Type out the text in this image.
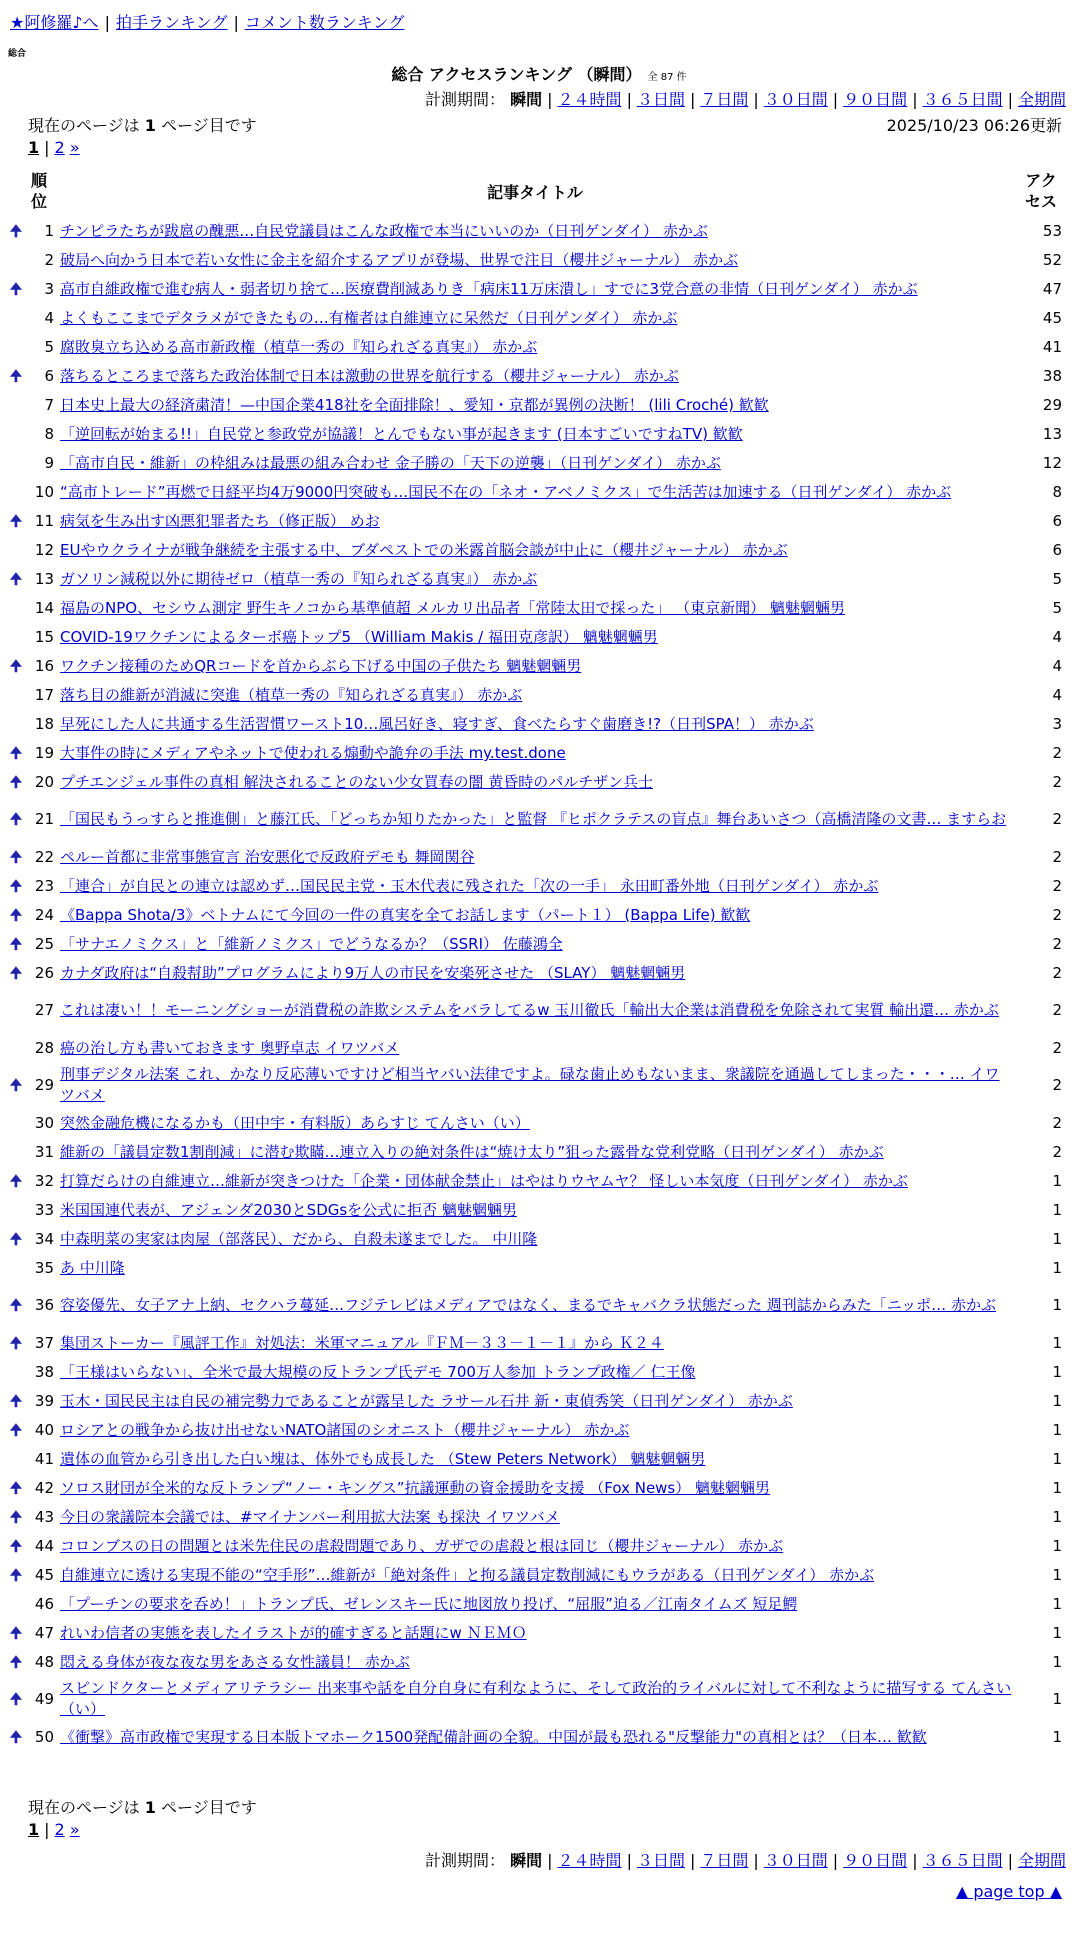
★阿修羅♪へ | 拍手ランキング | コメント数ランキング
総合
総合 アクセスランキング （瞬間） 全 87 件
計測期間： 瞬間 | ２４時間 | ３日間 | ７日間 | ３０日間 | ９０日間 | ３６５日間 | 全期間
現在のページは 1 ページ目です	2025/10/23 06:26更新
1 | 2 »
	順位	記事タイトル	アクセス
🠉	1	チンピラたちが跋扈の醜悪…自民党議員はこんな政権で本当にいいのか（日刊ゲンダイ） 赤かぶ	53
	2	破局へ向かう日本で若い女性に金主を紹介するアプリが登場、世界で注目（櫻井ジャーナル） 赤かぶ	52
🠉	3	高市自維政権で進む病人・弱者切り捨て…医療費削減ありき「病床11万床潰し」すでに3党合意の非情（日刊ゲンダイ） 赤かぶ	47
	4	よくもここまでデタラメができたもの…有権者は自維連立に呆然だ（日刊ゲンダイ） 赤かぶ	45
	5	腐敗臭立ち込める高市新政権（植草一秀の『知られざる真実』） 赤かぶ	41
🠉	6	落ちるところまで落ちた政治体制で日本は激動の世界を航行する（櫻井ジャーナル） 赤かぶ	38
	7	日本史上最大の経済粛清！—中国企業418社を全面排除！、愛知・京都が異例の決断！ (lili Croché) 歓歓	29
	8	「逆回転が始まる!!」自民党と参政党が協議！とんでもない事が起きます (日本すごいですねTV) 歓歓	13
	9	「高市自民・維新」の枠組みは最悪の組み合わせ 金子勝の「天下の逆襲」（日刊ゲンダイ） 赤かぶ	12
	10	“高市トレード”再燃で日経平均4万9000円突破も…国民不在の「ネオ・アベノミクス」で生活苦は加速する（日刊ゲンダイ） 赤かぶ	8
🠉	11	病気を生み出す凶悪犯罪者たち（修正版） めお	6
	12	EUやウクライナが戦争継続を主張する中、ブダペストでの米露首脳会談が中止に（櫻井ジャーナル） 赤かぶ	6
🠉	13	ガソリン減税以外に期待ゼロ（植草一秀の『知られざる真実』） 赤かぶ	5
	14	福島のNPO、セシウム測定 野生キノコから基準値超 メルカリ出品者「常陸太田で採った」 （東京新聞） 魑魅魍魎男	5
	15	COVID-19ワクチンによるターボ癌トップ5 （William Makis / 福田克彦訳） 魑魅魍魎男	4
🠉	16	ワクチン接種のためQRコードを首からぶら下げる中国の子供たち 魑魅魍魎男	4
	17	落ち目の維新が消滅に突進（植草一秀の『知られざる真実』） 赤かぶ	4
	18	早死にした人に共通する生活習慣ワースト10…風呂好き、寝すぎ、食べたらすぐ歯磨き!?（日刊SPA！） 赤かぶ	3
🠉	19	大事件の時にメディアやネットで使われる煽動や詭弁の手法 my.test.done	2
🠉	20	プチエンジェル事件の真相 解決されることのない少女買春の闇 黄昏時のパルチザン兵士	2
🠉	21	「国民もうっすらと推進側」と藤江氏、「どっちか知りたかった」と監督 『ヒポクラテスの盲点』舞台あいさつ（高橋清隆の文書… ますらお	2
🠉	22	ペルー首都に非常事態宣言 治安悪化で反政府デモも 舞岡関谷	2
🠉	23	「連合」が自民との連立は認めず…国民民主党・玉木代表に残された「次の一手」 永田町番外地（日刊ゲンダイ） 赤かぶ	2
🠉	24	《Bappa Shota/3》ベトナムにて今回の一件の真実を全てお話します（パート１） (Bappa Life) 歓歓	2
🠉	25	「サナエノミクス」と「維新ノミクス」でどうなるか？（SSRI） 佐藤鴻全	2
🠉	26	カナダ政府は“自殺幇助”プログラムにより9万人の市民を安楽死させた （SLAY） 魑魅魍魎男	2
	27	これは凄い！！モーニングショーが消費税の詐欺システムをバラしてるw 玉川徹氏「輸出大企業は消費税を免除されて実質 輸出還… 赤かぶ	2
	28	癌の治し方も書いておきます 奥野卓志 イワツバメ	2
🠉	29	刑事デジタル法案 これ、かなり反応薄いですけど相当ヤバい法律ですよ。碌な歯止めもないまま、衆議院を通過してしまった・・・… イワツバメ	2
	30	突然金融危機になるかも（田中宇・有料版）あらすじ てんさい（い）	2
	31	維新の「議員定数1割削減」に潜む欺瞞…連立入りの絶対条件は“焼け太り”狙った露骨な党利党略（日刊ゲンダイ） 赤かぶ	2
🠉	32	打算だらけの自維連立…維新が突きつけた「企業・団体献金禁止」はやはりウヤムヤ？ 怪しい本気度（日刊ゲンダイ） 赤かぶ	1
	33	米国国連代表が、アジェンダ2030とSDGsを公式に拒否 魑魅魍魎男	1
🠉	34	中森明菜の実家は肉屋（部落民）、だから、自殺未遂までした。 中川隆	1
	35	あ 中川隆	1
🠉	36	容姿優先、女子アナ上納、セクハラ蔓延…フジテレビはメディアではなく、まるでキャバクラ状態だった 週刊誌からみた「ニッポ… 赤かぶ	1
🠉	37	集団ストーカー『風評工作』対処法：米軍マニュアル『ＦＭ－３３－１－１』から Ｋ２４	1
	38	「王様はいらない」、全米で最大規模の反トランプ氏デモ 700万人参加 トランプ政権／ 仁王像	1
🠉	39	玉木・国民民主は自民の補完勢力であることが露呈した ラサール石井 新・東偵秀笑（日刊ゲンダイ） 赤かぶ	1
🠉	40	ロシアとの戦争から抜け出せないNATO諸国のシオニスト（櫻井ジャーナル） 赤かぶ	1
	41	遺体の血管から引き出した白い塊は、体外でも成長した （Stew Peters Network） 魑魅魍魎男	1
🠉	42	ソロス財団が全米的な反トランプ“ノー・キングス”抗議運動の資金援助を支援 （Fox News） 魑魅魍魎男	1
🠉	43	今日の衆議院本会議では、#マイナンバー利用拡大法案 も採決 イワツバメ	1
🠉	44	コロンブスの日の問題とは米先住民の虐殺問題であり、ガザでの虐殺と根は同じ（櫻井ジャーナル） 赤かぶ	1
🠉	45	自維連立に透ける実現不能の“空手形”…維新が「絶対条件」と拘る議員定数削減にもウラがある（日刊ゲンダイ） 赤かぶ	1
	46	「プーチンの要求を呑め！」トランプ氏、ゼレンスキー氏に地図放り投げ、“屈服”迫る／江南タイムズ 短足鰐	1
🠉	47	れいわ信者の実態を表したイラストが的確すぎると話題にw ＮＥＭＯ	1
🠉	48	悶える身体が夜な夜な男をあさる女性議員！ 赤かぶ	1
🠉	49	スピンドクターとメディアリテラシー 出来事や話を自分自身に有利なように、そして政治的ライバルに対して不利なように描写する てんさい（い）	1
🠉	50	《衝撃》高市政権で実現する日本版トマホーク1500発配備計画の全貌。中国が最も恐れる"反撃能力"の真相とは？（日本… 歓歓	1
現在のページは 1 ページ目です
1 | 2 »
計測期間： 瞬間 | ２４時間 | ３日間 | ７日間 | ３０日間 | ９０日間 | ３６５日間 | 全期間
▲ page top ▲
